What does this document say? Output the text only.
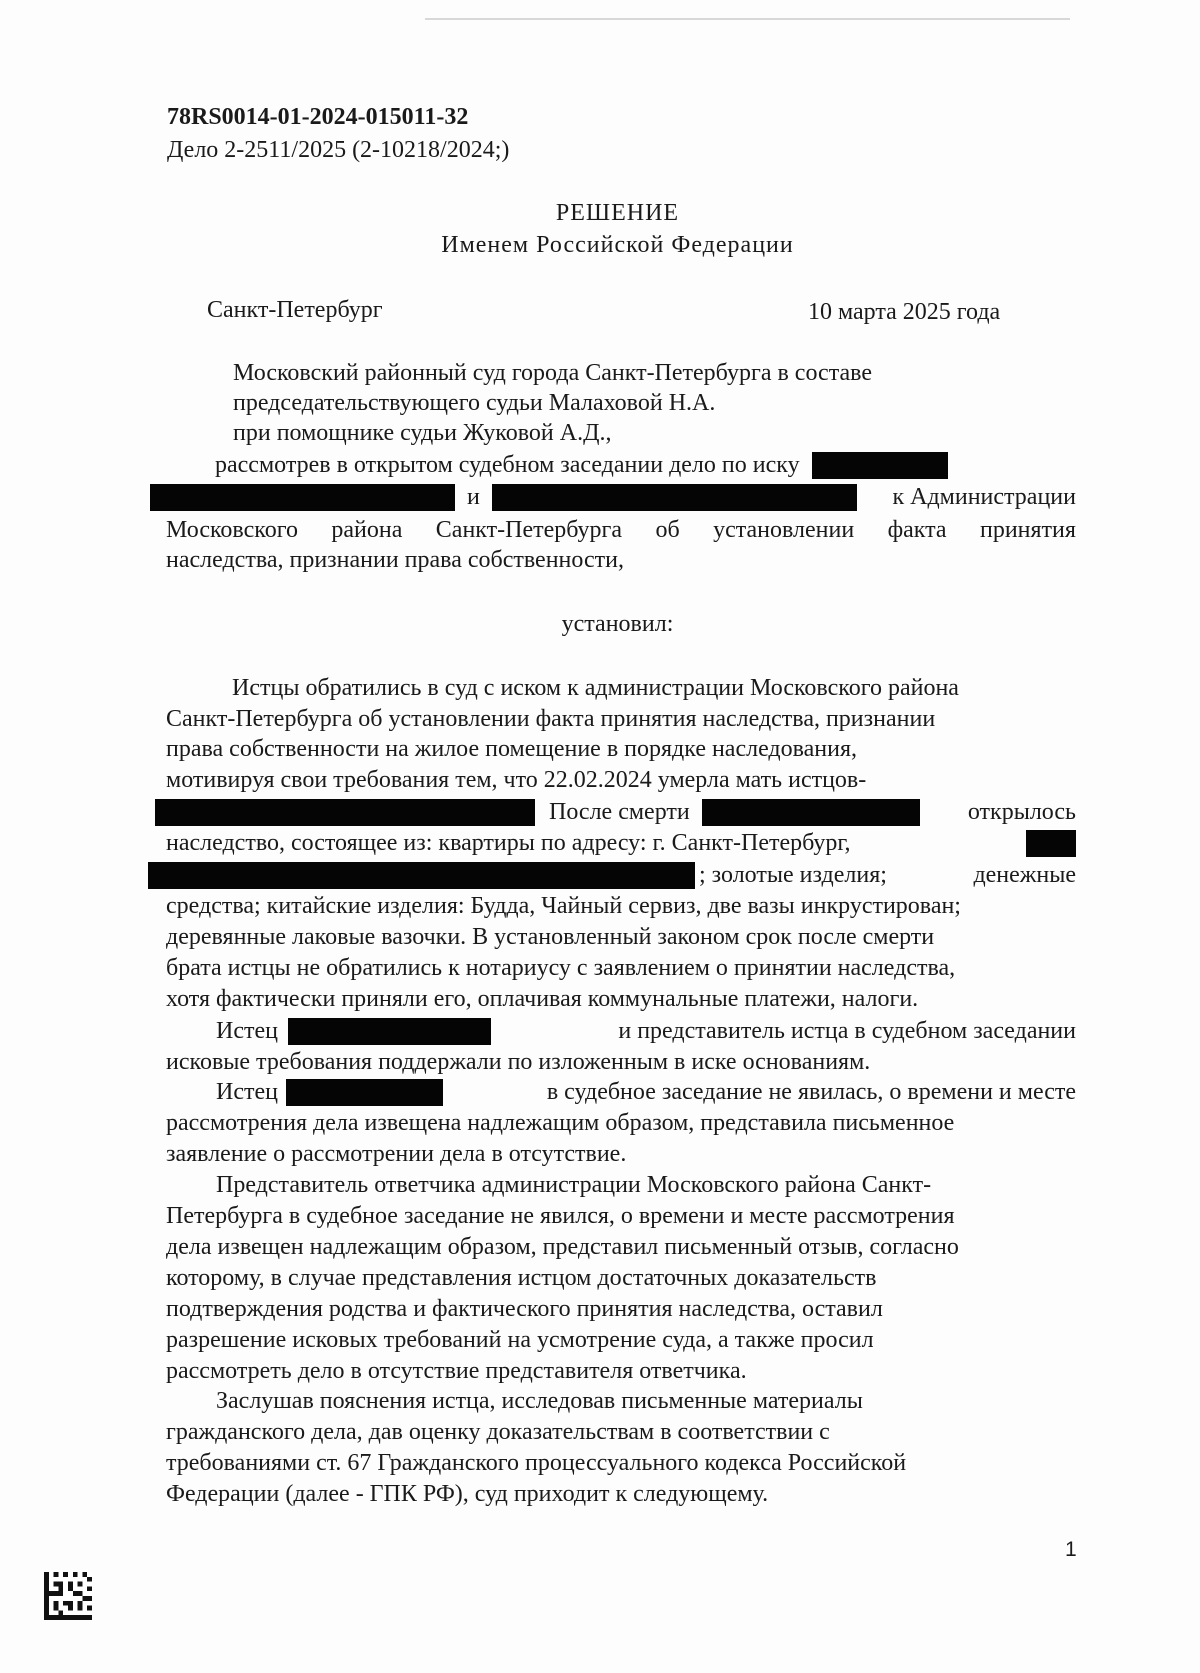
78RS0014-01-2024-015011-32
Дело 2-2511/2025 (2-10218/2024;)
РЕШЕНИЕ
Именем Российской Федерации
Санкт-Петербург	10 марта 2025 года
Московский районный суд города Санкт-Петербурга в составе
председательствующего судьи Малаховой Н.А.
при помощнике судьи Жуковой А.Д.,
рассмотрев в открытом судебном заседании дело по иску
и	к Администрации
Московского района Санкт-Петербурга об установлении факта принятия
наследства, признании права собственности,
установил:
Истцы обратились в суд с иском к администрации Московского района
Санкт-Петербурга об установлении факта принятия наследства, признании
права собственности на жилое помещение в порядке наследования,
мотивируя свои требования тем, что 22.02.2024 умерла мать истцов-
После смерти	открылось
наследство, состоящее из: квартиры по адресу: г. Санкт-Петербург,
; золотые изделия;	денежные
средства; китайские изделия: Будда, Чайный сервиз, две вазы инкрустирован;
деревянные лаковые вазочки. В установленный законом срок после смерти
брата истцы не обратились к нотариусу с заявлением о принятии наследства,
хотя фактически приняли его, оплачивая коммунальные платежи, налоги.
Истец	и представитель истца в судебном заседании
исковые требования поддержали по изложенным в иске основаниям.
Истец	в судебное заседание не явилась, о времени и месте
рассмотрения дела извещена надлежащим образом, представила письменное
заявление о рассмотрении дела в отсутствие.
Представитель ответчика администрации Московского района Санкт-
Петербурга в судебное заседание не явился, о времени и месте рассмотрения
дела извещен надлежащим образом, представил письменный отзыв, согласно
которому, в случае представления истцом достаточных доказательств
подтверждения родства и фактического принятия наследства, оставил
разрешение исковых требований на усмотрение суда, а также просил
рассмотреть дело в отсутствие представителя ответчика.
Заслушав пояснения истца, исследовав письменные материалы
гражданского дела, дав оценку доказательствам в соответствии с
требованиями ст. 67 Гражданского процессуального кодекса Российской
Федерации (далее - ГПК РФ), суд приходит к следующему.
1
